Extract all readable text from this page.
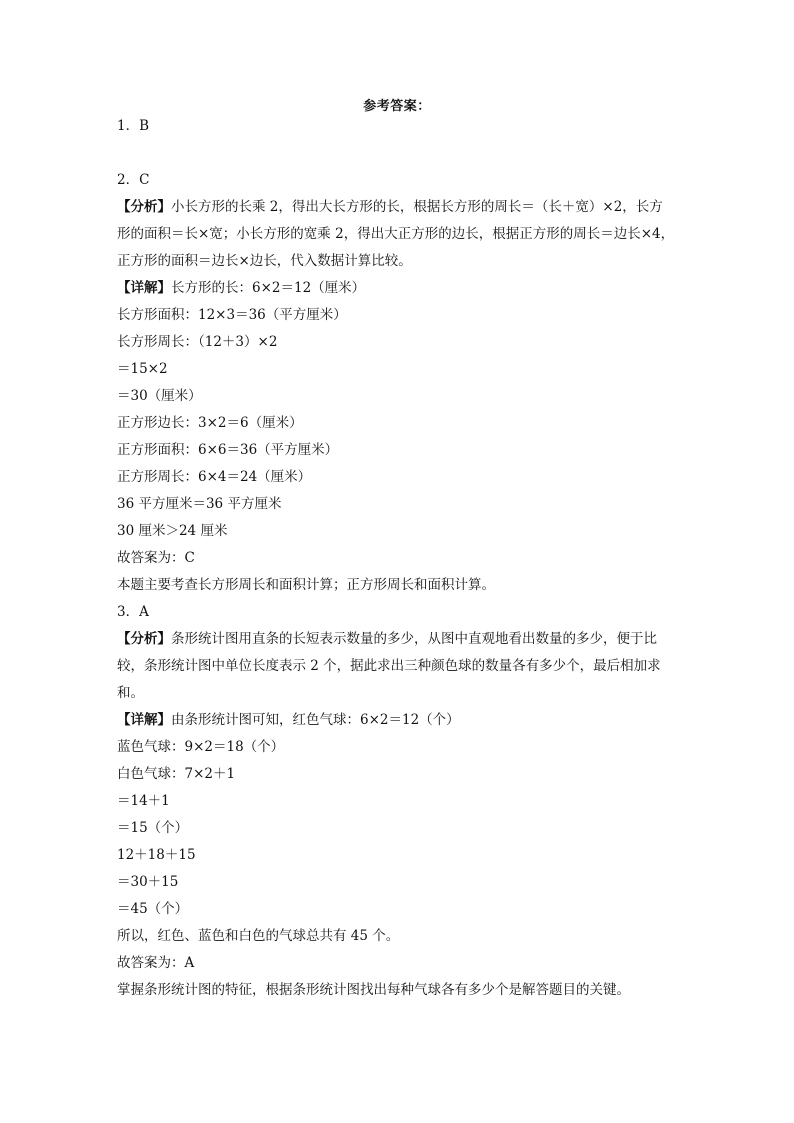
参考答案：
1．B
2．C
【分析】小长方形的长乘 2，得出大长方形的长，根据长方形的周长＝（长＋宽）×2，长方
形的面积＝长×宽；小长方形的宽乘 2，得出大正方形的边长，根据正方形的周长＝边长×4，
正方形的面积＝边长×边长，代入数据计算比较。
【详解】长方形的长：6×2＝12（厘米）
长方形面积：12×3＝36（平方厘米）
长方形周长：（12＋3）×2
＝15×2
＝30（厘米）
正方形边长：3×2＝6（厘米）
正方形面积：6×6＝36（平方厘米）
正方形周长：6×4＝24（厘米）
36 平方厘米＝36 平方厘米
30 厘米＞24 厘米
故答案为：C
本题主要考查长方形周长和面积计算；正方形周长和面积计算。
3．A
【分析】条形统计图用直条的长短表示数量的多少，从图中直观地看出数量的多少，便于比
较，条形统计图中单位长度表示 2 个，据此求出三种颜色球的数量各有多少个，最后相加求
和。
【详解】由条形统计图可知，红色气球：6×2＝12（个）
蓝色气球：9×2＝18（个）
白色气球：7×2＋1
＝14＋1
＝15（个）
12＋18＋15
＝30＋15
＝45（个）
所以，红色、蓝色和白色的气球总共有 45 个。
故答案为：A
掌握条形统计图的特征，根据条形统计图找出每种气球各有多少个是解答题目的关键。
